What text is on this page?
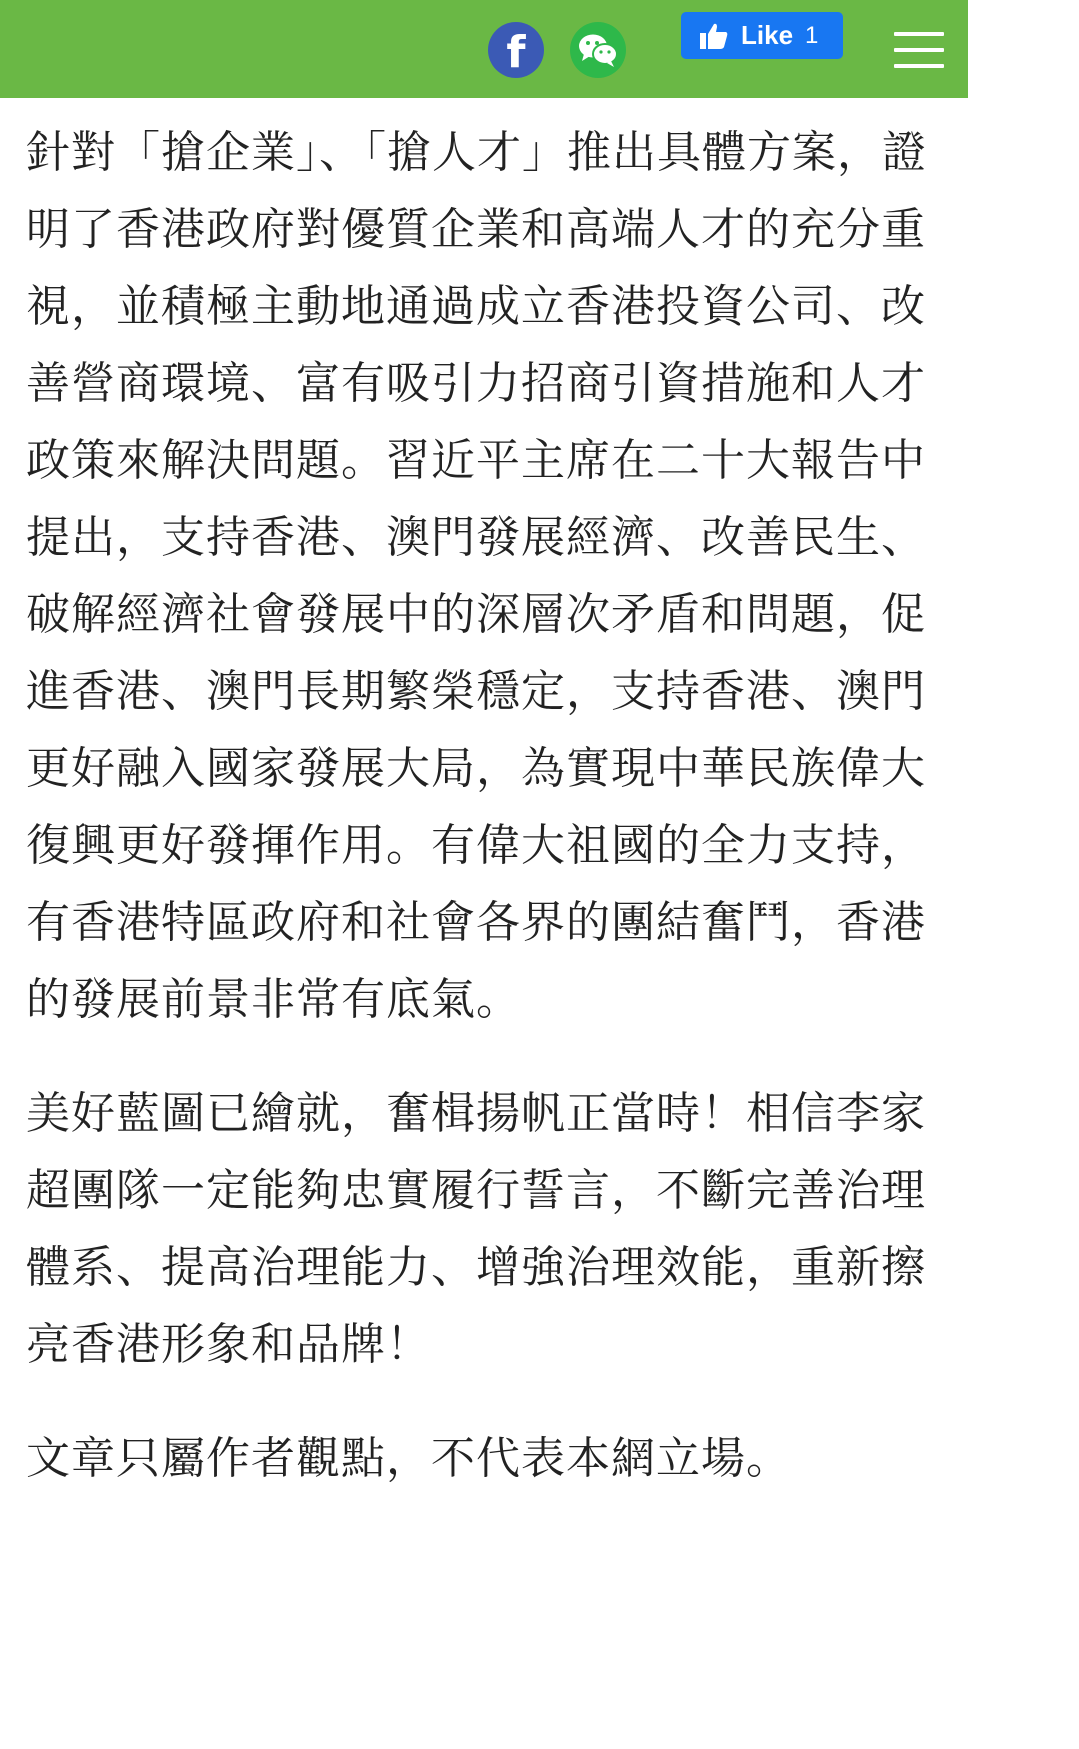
f	Like 1

針對「搶企業」、「搶人才」推出具體方案，證明了香港政府對優質企業和高端人才的充分重視，並積極主動地通過成立香港投資公司、改善營商環境、富有吸引力招商引資措施和人才政策來解決問題。習近平主席在二十大報告中提出，支持香港、澳門發展經濟、改善民生、破解經濟社會發展中的深層次矛盾和問題，促進香港、澳門長期繁榮穩定，支持香港、澳門更好融入國家發展大局，為實現中華民族偉大復興更好發揮作用。有偉大祖國的全力支持，有香港特區政府和社會各界的團結奮鬥，香港的發展前景非常有底氣。

美好藍圖已繪就，奮楫揚帆正當時！相信李家超團隊一定能夠忠實履行誓言，不斷完善治理體系、提高治理能力、增強治理效能，重新擦亮香港形象和品牌！

文章只屬作者觀點，不代表本網立場。
